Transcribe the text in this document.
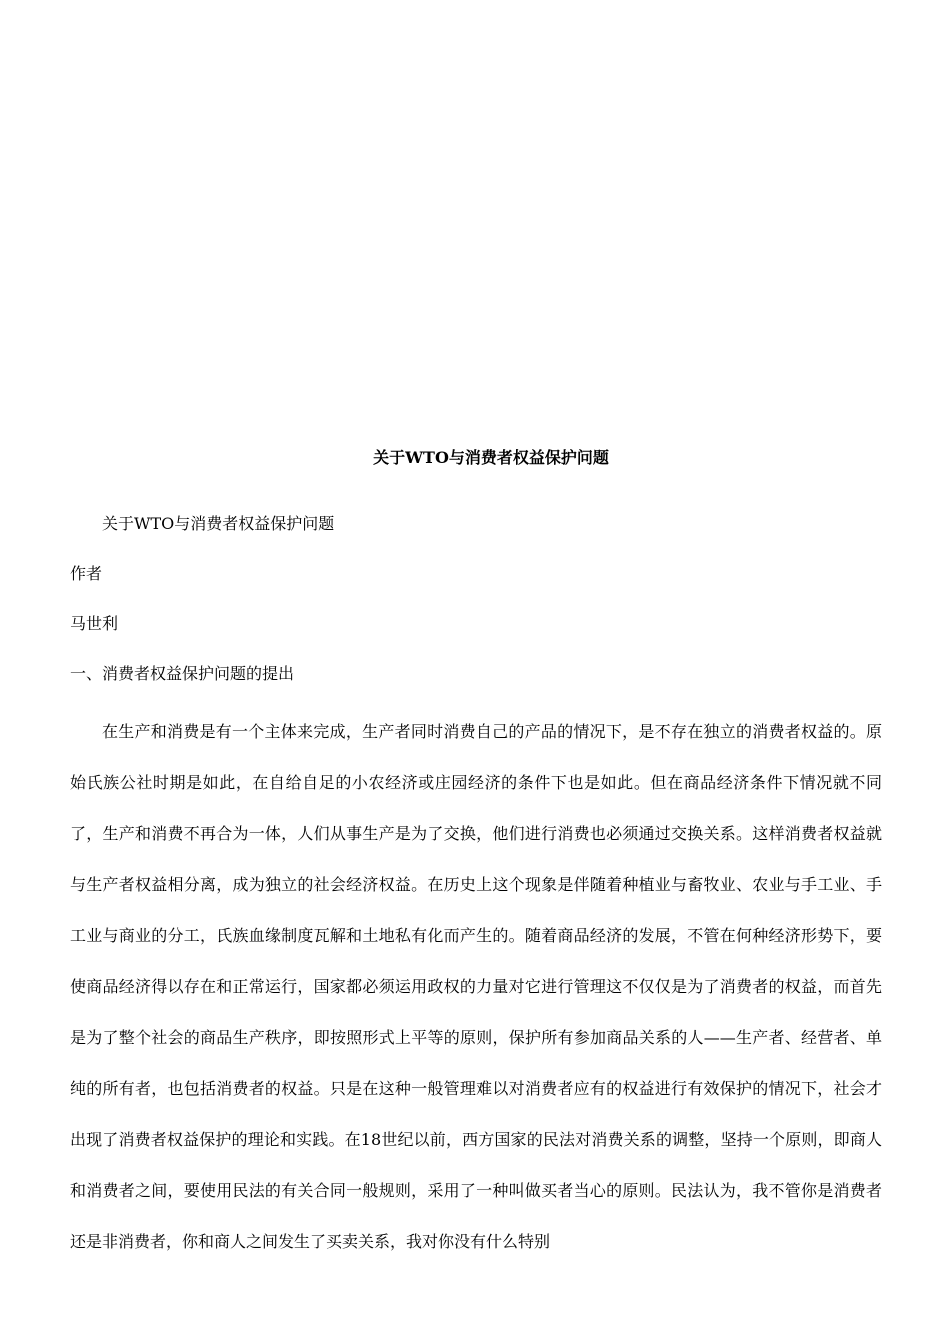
关于WTO与消费者权益保护问题
关于WTO与消费者权益保护问题
作者
马世利
一、消费者权益保护问题的提出

在生产和消费是有一个主体来完成，生产者同时消费自己的产品的情况下，是不存在独立的消费者权益的。原始氏族公社时期是如此，在自给自足的小农经济或庄园经济的条件下也是如此。但在商品经济条件下情况就不同了，生产和消费不再合为一体，人们从事生产是为了交换，他们进行消费也必须通过交换关系。这样消费者权益就与生产者权益相分离，成为独立的社会经济权益。在历史上这个现象是伴随着种植业与畜牧业、农业与手工业、手工业与商业的分工，氏族血缘制度瓦解和土地私有化而产生的。随着商品经济的发展，不管在何种经济形势下，要使商品经济得以存在和正常运行，国家都必须运用政权的力量对它进行管理这不仅仅是为了消费者的权益，而首先是为了整个社会的商品生产秩序，即按照形式上平等的原则，保护所有参加商品关系的人——生产者、经营者、单纯的所有者，也包括消费者的权益。只是在这种一般管理难以对消费者应有的权益进行有效保护的情况下，社会才出现了消费者权益保护的理论和实践。在18世纪以前，西方国家的民法对消费关系的调整，坚持一个原则，即商人和消费者之间，要使用民法的有关合同一般规则，采用了一种叫做买者当心的原则。民法认为，我不管你是消费者还是非消费者，你和商人之间发生了买卖关系，我对你没有什么特别
